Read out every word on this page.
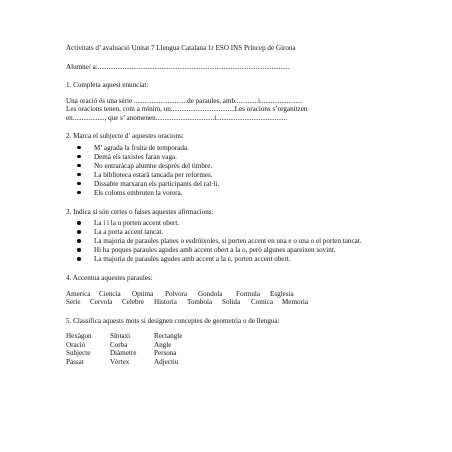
Activitats d’ avaluació Unitat 7 Llengua Catalana 1r ESO INS Príncep de Girona
Alumne/ a:............................................................................................................
1. Completa aquest enunciat:
Una oració és una sèrie ..............................de paraules, amb.............i........................
Les oracions tenen, com a mínim, un....................................Les oracions s’organitzen
en.................., que s’ anomenen.................................i........................................
2. Marca el subjecte d’ aquestes oracions:
M’ agrada la fruita de temporada.
Demà els taxistes faran vaga.
No entraràcap alumne després del timbre.
La biblioteca estarà tancada per reformes.
Dissabte marxaran els participants del ral·li.
Els coloms embruten la vorera.
3. Indica si són certes o falses aquestes afirmacions:
La i i la u porten accent obert.
La a porta accent tancat.
La majoria de paraules planes o esdrúixoles, si porten accent en una e o una o el porten tancat.
Hi ha poques paraules agudes amb accent obert a la o, però algunes apareixen sovint.
La majoria de paraules agudes amb accent a la e, porten accent obert.
4. Accentua aquestes paraules:
America	Ciencia	Optima	Polvora	Gondola	Formula	Esglesia
Serie	Cervola	Celebre	Historia	Tombola	Solida	Comica	Memoria
5. Classifica aquests mots si designen conceptes de geometria o de llengua:
Hexàgon	Síntaxi	Rectangle
Oració	Corba	Angle
Subjecte	Diàmetre	Persona
Passat	Vèrtex	Adjectiu
